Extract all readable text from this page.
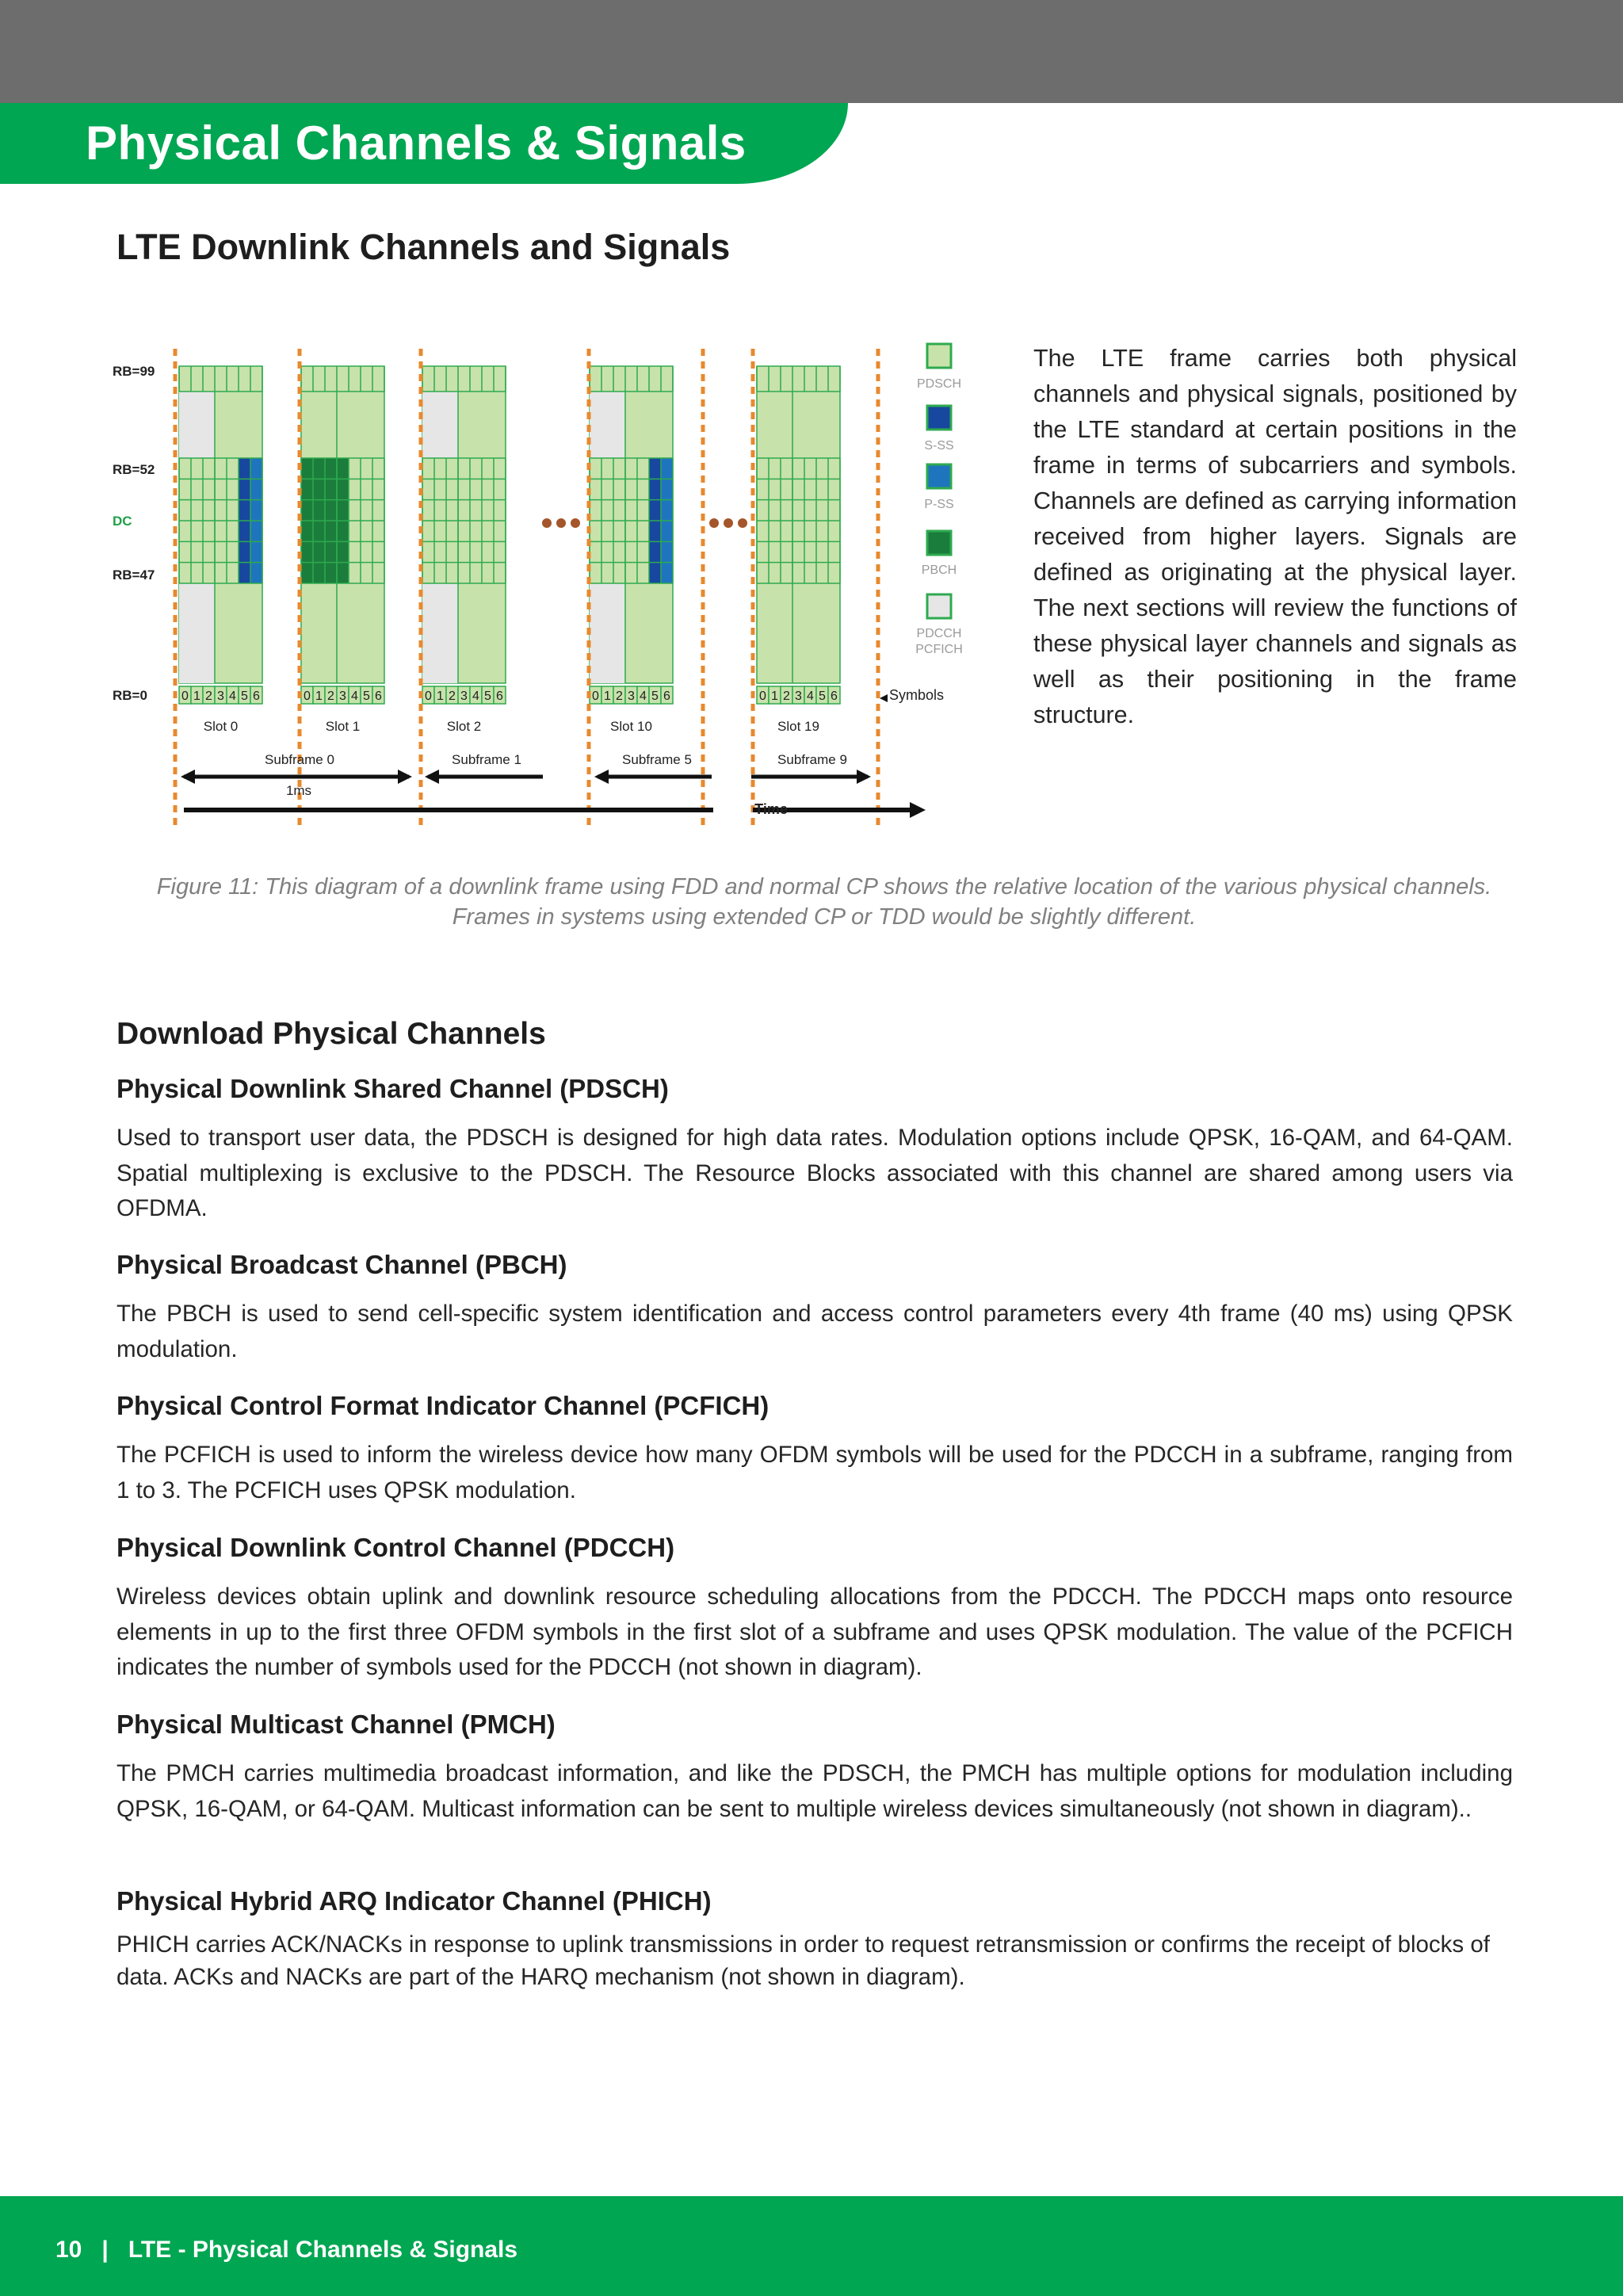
Physical Channels & Signals
LTE Downlink Channels and Signals

The LTE frame carries both physical channels and physical signals, positioned by the LTE standard at certain positions in the frame in terms of subcarriers and symbols. Channels are defined as carrying information received from higher layers. Signals are defined as originating at the physical layer. The next sections will review the functions of these physical layer channels and signals as well as their positioning in the frame structure.

0 1 2 3 4 5 6
Slot 0
0 1 2 3 4 5 6
Slot 1
0 1 2 3 4 5 6
Slot 2
0 1 2 3 4 5 6
Slot 10
0 1 2 3 4 5 6
Slot 19
RB=99
RB=52
DC
RB=47
RB=0	Symbols
PDSCH
S-SS
P-SS
PBCH
PDCCH
PCFICH
Subframe 0	Subframe 1	Subframe 5	Subframe 9
1ms
Time

Figure 11: This diagram of a downlink frame using FDD and normal CP shows the relative location of the various physical channels. Frames in systems using extended CP or TDD would be slightly different.

Download Physical Channels
Physical Downlink Shared Channel (PDSCH)

Used to transport user data, the PDSCH is designed for high data rates. Modulation options include QPSK, 16-QAM, and 64-QAM. Spatial multiplexing is exclusive to the PDSCH. The Resource Blocks associated with this channel are shared among users via OFDMA.

Physical Broadcast Channel (PBCH)

The PBCH is used to send cell-specific system identification and access control parameters every 4th frame (40 ms) using QPSK modulation.

Physical Control Format Indicator Channel (PCFICH)

The PCFICH is used to inform the wireless device how many OFDM symbols will be used for the PDCCH in a subframe, ranging from 1 to 3. The PCFICH uses QPSK modulation.

Physical Downlink Control Channel (PDCCH)

Wireless devices obtain uplink and downlink resource scheduling allocations from the PDCCH. The PDCCH maps onto resource elements in up to the first three OFDM symbols in the first slot of a subframe and uses QPSK modulation. The value of the PCFICH indicates the number of symbols used for the PDCCH (not shown in diagram).

Physical Multicast Channel (PMCH)

The PMCH carries multimedia broadcast information, and like the PDSCH, the PMCH has multiple options for modulation including QPSK, 16-QAM, or 64-QAM. Multicast information can be sent to multiple wireless devices simultaneously (not shown in diagram)..

Physical Hybrid ARQ Indicator Channel (PHICH)

PHICH carries ACK/NACKs in response to uplink transmissions in order to request retransmission or confirms the receipt of blocks of data. ACKs and NACKs are part of the HARQ mechanism (not shown in diagram).

10 | LTE - Physical Channels & Signals
